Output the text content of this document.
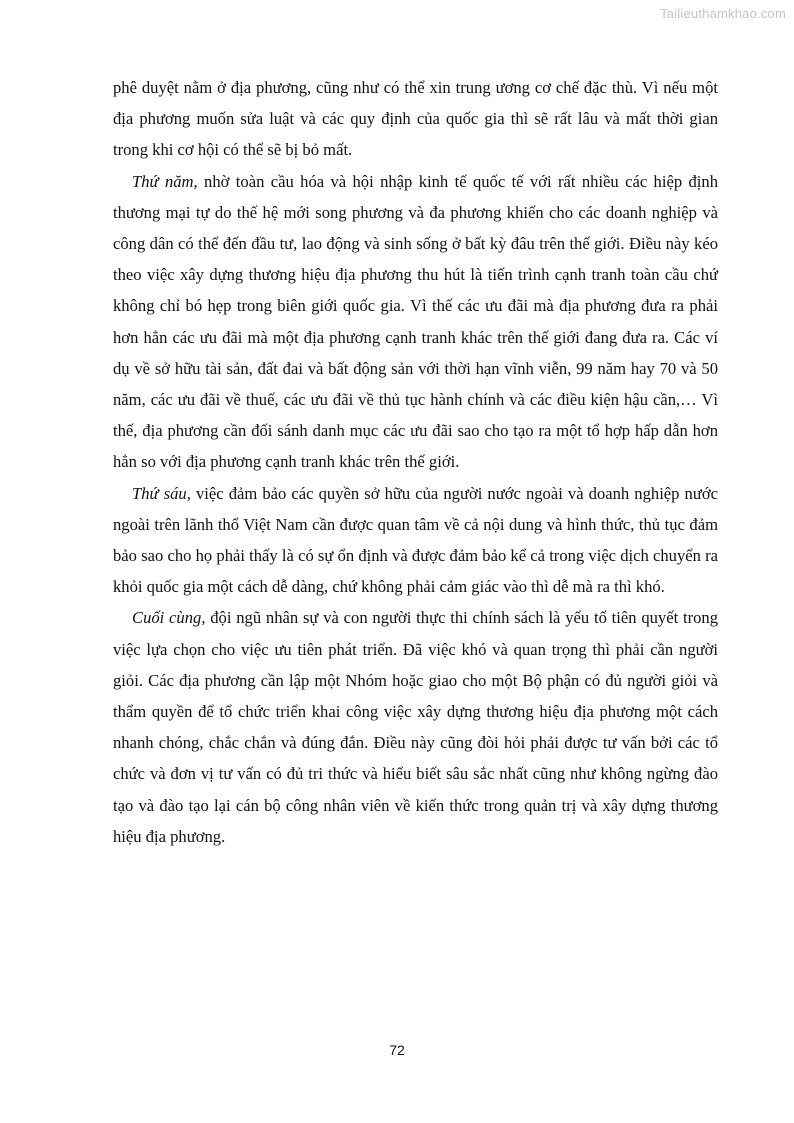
Tailieuthamkhao.com

phê duyệt nằm ở địa phương, cũng như có thể xin trung ương cơ chế đặc thù. Vì nếu một địa phương muốn sửa luật và các quy định của quốc gia thì sẽ rất lâu và mất thời gian trong khi cơ hội có thể sẽ bị bỏ mất.

Thứ năm, nhờ toàn cầu hóa và hội nhập kinh tế quốc tế với rất nhiều các hiệp định thương mại tự do thế hệ mới song phương và đa phương khiến cho các doanh nghiệp và công dân có thể đến đầu tư, lao động và sinh sống ở bất kỳ đâu trên thế giới. Điều này kéo theo việc xây dựng thương hiệu địa phương thu hút là tiến trình cạnh tranh toàn cầu chứ không chỉ bó hẹp trong biên giới quốc gia. Vì thế các ưu đãi mà địa phương đưa ra phải hơn hẳn các ưu đãi mà một địa phương cạnh tranh khác trên thế giới đang đưa ra. Các ví dụ về sở hữu tài sản, đất đai và bất động sản với thời hạn vĩnh viễn, 99 năm hay 70 và 50 năm, các ưu đãi về thuế, các ưu đãi về thủ tục hành chính và các điều kiện hậu cần,… Vì thế, địa phương cần đối sánh danh mục các ưu đãi sao cho tạo ra một tổ hợp hấp dẫn hơn hẳn so với địa phương cạnh tranh khác trên thế giới.

Thứ sáu, việc đảm bảo các quyền sở hữu của người nước ngoài và doanh nghiệp nước ngoài trên lãnh thổ Việt Nam cần được quan tâm về cả nội dung và hình thức, thủ tục đảm bảo sao cho họ phải thấy là có sự ổn định và được đảm bảo kể cả trong việc dịch chuyển ra khỏi quốc gia một cách dễ dàng, chứ không phải cảm giác vào thì dễ mà ra thì khó.

Cuối cùng, đội ngũ nhân sự và con người thực thi chính sách là yếu tố tiên quyết trong việc lựa chọn cho việc ưu tiên phát triển. Đã việc khó và quan trọng thì phải cần người giỏi. Các địa phương cần lập một Nhóm hoặc giao cho một Bộ phận có đủ người giỏi và thẩm quyền để tổ chức triển khai công việc xây dựng thương hiệu địa phương một cách nhanh chóng, chắc chắn và đúng đắn. Điều này cũng đòi hỏi phải được tư vấn bởi các tổ chức và đơn vị tư vấn có đủ tri thức và hiểu biết sâu sắc nhất cũng như không ngừng đào tạo và đào tạo lại cán bộ công nhân viên về kiến thức trong quản trị và xây dựng thương hiệu địa phương.

72
